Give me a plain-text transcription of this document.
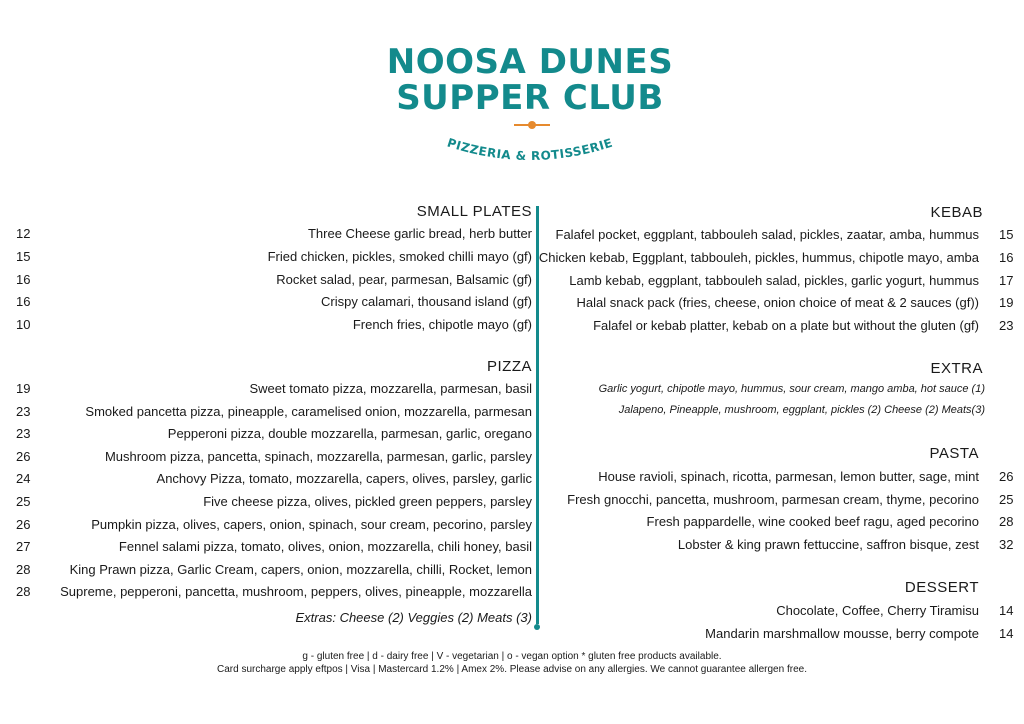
NOOSA DUNES
SUPPER CLUB
PIZZERIA & ROTISSERIE
SMALL PLATES
Three Cheese garlic bread, herb butter
12
Fried chicken, pickles, smoked chilli mayo (gf)
15
Rocket salad, pear, parmesan, Balsamic (gf)
16
Crispy calamari, thousand island (gf)
16
French fries, chipotle mayo (gf)
10
PIZZA
Sweet tomato pizza, mozzarella, parmesan, basil
19
Smoked pancetta pizza, pineapple, caramelised onion, mozzarella, parmesan
23
Pepperoni pizza, double mozzarella, parmesan, garlic, oregano
23
Mushroom pizza, pancetta, spinach, mozzarella, parmesan, garlic, parsley
26
Anchovy Pizza, tomato, mozzarella, capers, olives, parsley, garlic
24
Five cheese pizza, olives, pickled green peppers, parsley
25
Pumpkin pizza, olives, capers, onion, spinach, sour cream, pecorino, parsley
26
Fennel salami pizza, tomato, olives, onion, mozzarella, chili honey, basil
27
King Prawn pizza, Garlic Cream, capers, onion, mozzarella, chilli, Rocket, lemon
28
Supreme, pepperoni, pancetta, mushroom, peppers, olives, pineapple, mozzarella
28
Extras: Cheese (2) Veggies (2) Meats (3)
KEBAB
Falafel pocket, eggplant, tabbouleh salad, pickles, zaatar, amba, hummus 15
Chicken kebab, Eggplant, tabbouleh, pickles, hummus, chipotle mayo, amba 16
Lamb kebab, eggplant, tabbouleh salad, pickles, garlic yogurt, hummus 17
Halal snack pack (fries, cheese, onion choice of meat & 2 sauces (gf)) 19
Falafel or kebab platter, kebab on a plate but without the gluten (gf) 23
EXTRA
Garlic yogurt, chipotle mayo, hummus, sour cream, mango amba, hot sauce (1)
Jalapeno, Pineapple, mushroom, eggplant, pickles (2) Cheese (2) Meats(3)
PASTA
House ravioli, spinach, ricotta, parmesan, lemon butter, sage, mint 26
Fresh gnocchi, pancetta, mushroom, parmesan cream, thyme, pecorino 25
Fresh pappardelle, wine cooked beef ragu, aged pecorino 28
Lobster & king prawn fettuccine, saffron bisque, zest 32
DESSERT
Chocolate, Coffee, Cherry Tiramisu 14
Mandarin marshmallow mousse, berry compote 14
g - gluten free | d - dairy free | V - vegetarian | o - vegan option * gluten free products available.
Card surcharge apply eftpos | Visa | Mastercard 1.2% | Amex 2%. Please advise on any allergies. We cannot guarantee allergen free.
